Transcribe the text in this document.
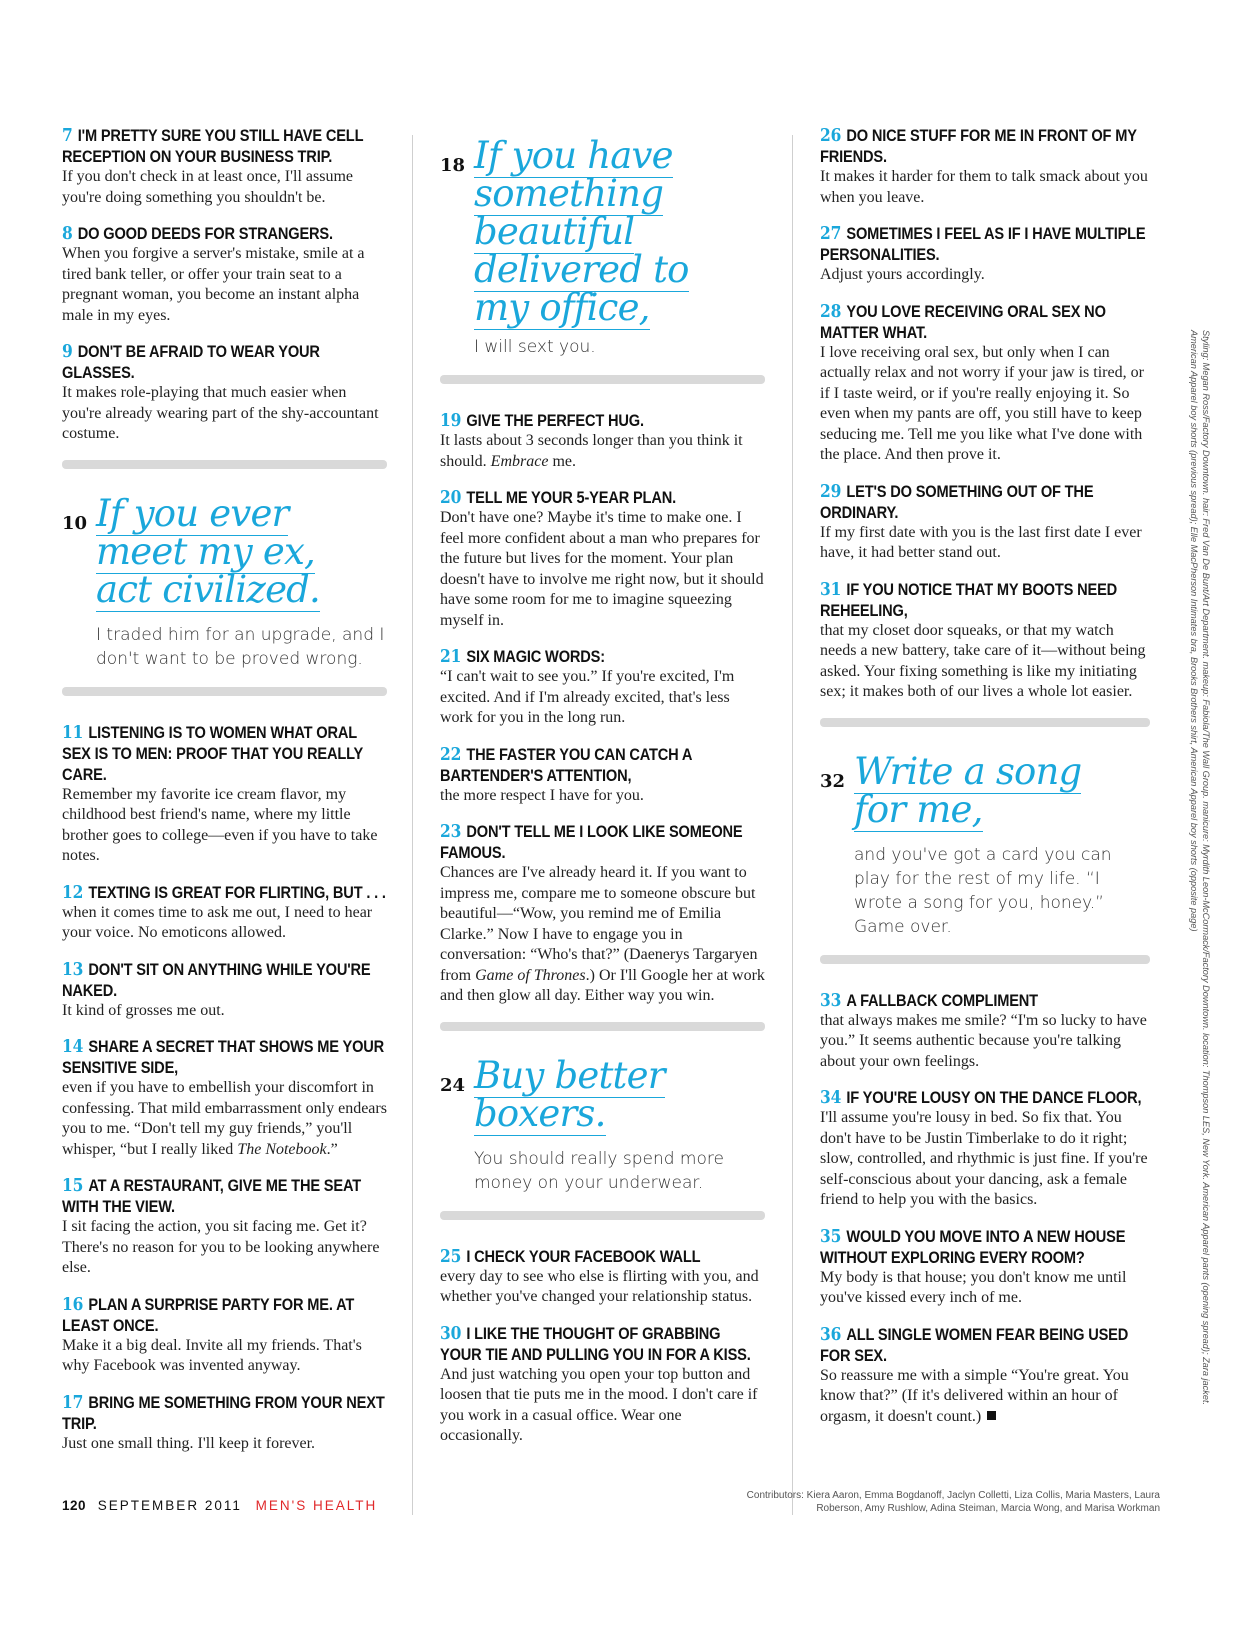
7 I'M PRETTY SURE YOU STILL HAVE CELL RECEPTION ON YOUR BUSINESS TRIP.
If you don't check in at least once, I'll assume you're doing something you shouldn't be.
8 DO GOOD DEEDS FOR STRANGERS.
When you forgive a server's mistake, smile at a tired bank teller, or offer your train seat to a pregnant woman, you become an instant alpha male in my eyes.
9 DON'T BE AFRAID TO WEAR YOUR GLASSES.
It makes role-playing that much easier when you're already wearing part of the shy-accountant costume.
10 If you ever
meet my ex,
act civilized.
I traded him for an upgrade, and I don't want to be proved wrong.
11 LISTENING IS TO WOMEN WHAT ORAL SEX IS TO MEN: PROOF THAT YOU REALLY CARE.
Remember my favorite ice cream flavor, my childhood best friend's name, where my little brother goes to college—even if you have to take notes.
12 TEXTING IS GREAT FOR FLIRTING, BUT . . .
when it comes time to ask me out, I need to hear your voice. No emoticons allowed.
13 DON'T SIT ON ANYTHING WHILE YOU'RE NAKED.
It kind of grosses me out.
14 SHARE A SECRET THAT SHOWS ME YOUR SENSITIVE SIDE,
even if you have to embellish your discomfort in confessing. That mild embarrassment only endears you to me. “Don't tell my guy friends,” you'll whisper, “but I really liked The Notebook.”
15 AT A RESTAURANT, GIVE ME THE SEAT WITH THE VIEW.
I sit facing the action, you sit facing me. Get it? There's no reason for you to be looking anywhere else.
16 PLAN A SURPRISE PARTY FOR ME. AT LEAST ONCE.
Make it a big deal. Invite all my friends. That's why Facebook was invented anyway.
17 BRING ME SOMETHING FROM YOUR NEXT TRIP.
Just one small thing. I'll keep it forever.
18 If you have
something
beautiful
delivered to
my office,
I will sext you.
19 GIVE THE PERFECT HUG.
It lasts about 3 seconds longer than you think it should. Embrace me.
20 TELL ME YOUR 5-YEAR PLAN.
Don't have one? Maybe it's time to make one. I feel more confident about a man who prepares for the future but lives for the moment. Your plan doesn't have to involve me right now, but it should have some room for me to imagine squeezing myself in.
21 SIX MAGIC WORDS:
“I can't wait to see you.” If you're excited, I'm excited. And if I'm already excited, that's less work for you in the long run.
22 THE FASTER YOU CAN CATCH A BARTENDER'S ATTENTION,
the more respect I have for you.
23 DON'T TELL ME I LOOK LIKE SOMEONE FAMOUS.
Chances are I've already heard it. If you want to impress me, compare me to someone obscure but beautiful—“Wow, you remind me of Emilia Clarke.” Now I have to engage you in conversation: “Who's that?” (Daenerys Targaryen from Game of Thrones.) Or I'll Google her at work and then glow all day. Either way you win.
24 Buy better
boxers.
You should really spend more money on your underwear.
25 I CHECK YOUR FACEBOOK WALL
every day to see who else is flirting with you, and whether you've changed your relationship status.
30 I LIKE THE THOUGHT OF GRABBING YOUR TIE AND PULLING YOU IN FOR A KISS.
And just watching you open your top button and loosen that tie puts me in the mood. I don't care if you work in a casual office. Wear one occasionally.
26 DO NICE STUFF FOR ME IN FRONT OF MY FRIENDS.
It makes it harder for them to talk smack about you when you leave.
27 SOMETIMES I FEEL AS IF I HAVE MULTIPLE PERSONALITIES.
Adjust yours accordingly.
28 YOU LOVE RECEIVING ORAL SEX NO MATTER WHAT.
I love receiving oral sex, but only when I can actually relax and not worry if your jaw is tired, or if I taste weird, or if you're really enjoying it. So even when my pants are off, you still have to keep seducing me. Tell me you like what I've done with the place. And then prove it.
29 LET'S DO SOMETHING OUT OF THE ORDINARY.
If my first date with you is the last first date I ever have, it had better stand out.
31 IF YOU NOTICE THAT MY BOOTS NEED REHEELING,
that my closet door squeaks, or that my watch needs a new battery, take care of it—without being asked. Your fixing something is like my initiating sex; it makes both of our lives a whole lot easier.
32 Write a song
for me,
and you've got a card you can play for the rest of my life. “I wrote a song for you, honey.” Game over.
33 A FALLBACK COMPLIMENT
that always makes me smile? “I'm so lucky to have you.” It seems authentic because you're talking about your own feelings.
34 IF YOU'RE LOUSY ON THE DANCE FLOOR,
I'll assume you're lousy in bed. So fix that. You don't have to be Justin Timberlake to do it right; slow, controlled, and rhythmic is just fine. If you're self-conscious about your dancing, ask a female friend to help you with the basics.
35 WOULD YOU MOVE INTO A NEW HOUSE WITHOUT EXPLORING EVERY ROOM?
My body is that house; you don't know me until you've kissed every inch of me.
36 ALL SINGLE WOMEN FEAR BEING USED FOR SEX.
So reassure me with a simple “You're great. You know that?” (If it's delivered within an hour of orgasm, it doesn't count.)
Styling: Megan Ross/Factory Downtown. hair: Fred Van De Bunt/Art Department. makeup: Fabiola/The Wall Group. manicure: Myrdith Leon-McCormack/Factory Downtown. location: Thompson LES, New York. American Apparel pants (opening spread); Zara jacket.
American Apparel boy shorts (previous spread); Elle MacPherson Intimates bra, Brooks Brothers shirt, American Apparel boy shorts (opposite page)
120 SEPTEMBER 2011 MEN'S HEALTH
Contributors: Kiera Aaron, Emma Bogdanoff, Jaclyn Colletti, Liza Collis, Maria Masters, Laura Roberson, Amy Rushlow, Adina Steiman, Marcia Wong, and Marisa Workman
